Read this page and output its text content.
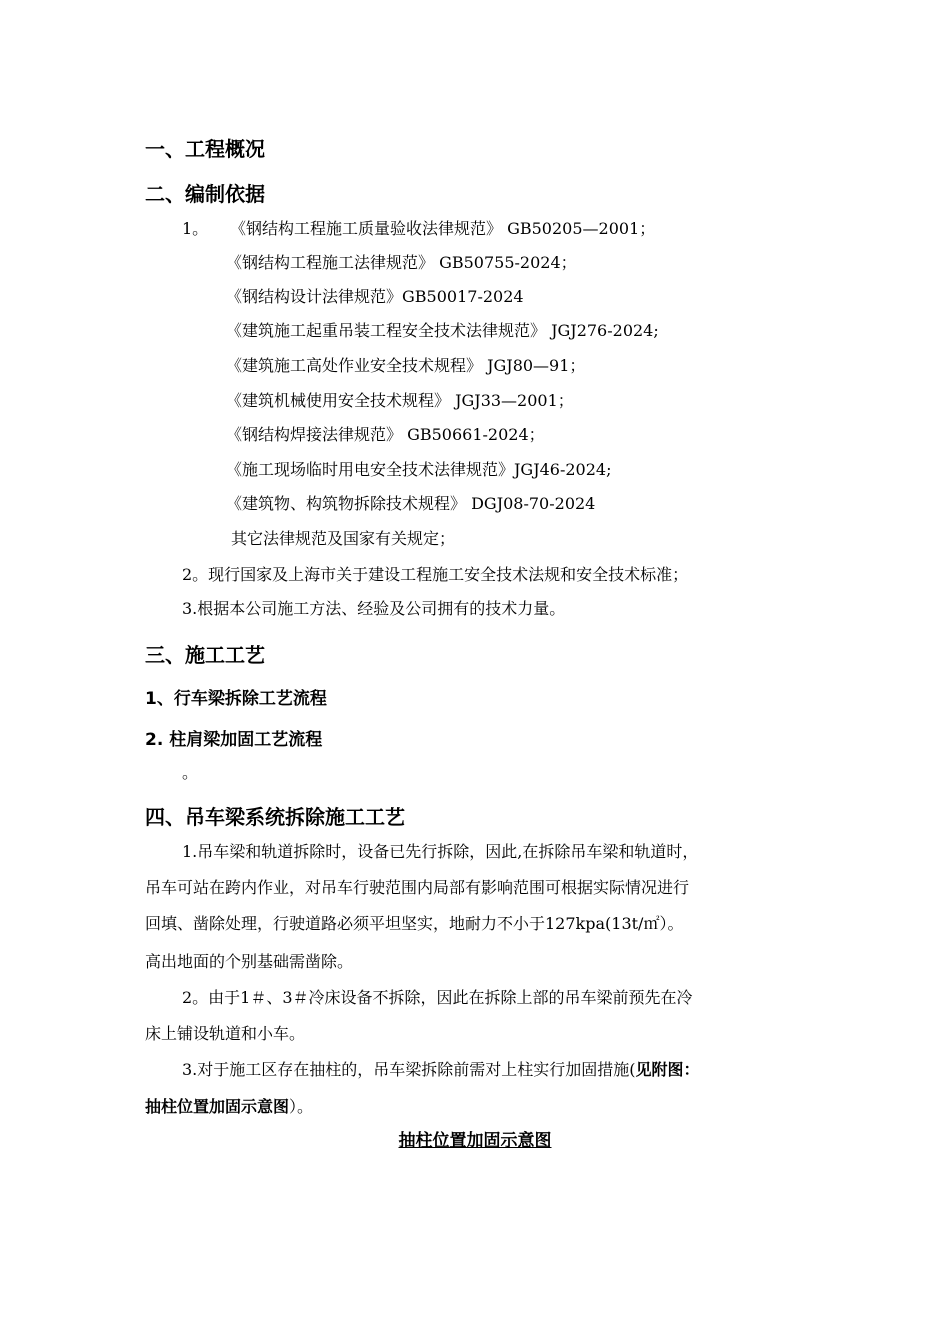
一、工程概况
二、编制依据
1。 《钢结构工程施工质量验收法律规范》 GB50205—2001；
《钢结构工程施工法律规范》 GB50755-2024；
《钢结构设计法律规范》GB50017-2024
《建筑施工起重吊装工程安全技术法律规范》 JGJ276-2024;
《建筑施工高处作业安全技术规程》 JGJ80—91；
《建筑机械使用安全技术规程》 JGJ33—2001；
《钢结构焊接法律规范》 GB50661-2024；
《施工现场临时用电安全技术法律规范》JGJ46-2024;
《建筑物、构筑物拆除技术规程》 DGJ08-70-2024
其它法律规范及国家有关规定；
2。现行国家及上海市关于建设工程施工安全技术法规和安全技术标准；
3.根据本公司施工方法、经验及公司拥有的技术力量。
三、施工工艺
1、行车梁拆除工艺流程
2. 柱肩梁加固工艺流程
。
四、吊车梁系统拆除施工工艺
1.吊车梁和轨道拆除时，设备已先行拆除，因此,在拆除吊车梁和轨道时，
吊车可站在跨内作业，对吊车行驶范围内局部有影响范围可根据实际情况进行
回填、凿除处理，行驶道路必须平坦坚实，地耐力不小于127kpa(13t/㎡）。
高出地面的个别基础需凿除。
2。由于1＃、3＃冷床设备不拆除，因此在拆除上部的吊车梁前预先在冷
床上铺设轨道和小车。
3.对于施工区存在抽柱的，吊车梁拆除前需对上柱实行加固措施(见附图：
抽柱位置加固示意图）。
抽柱位置加固示意图
